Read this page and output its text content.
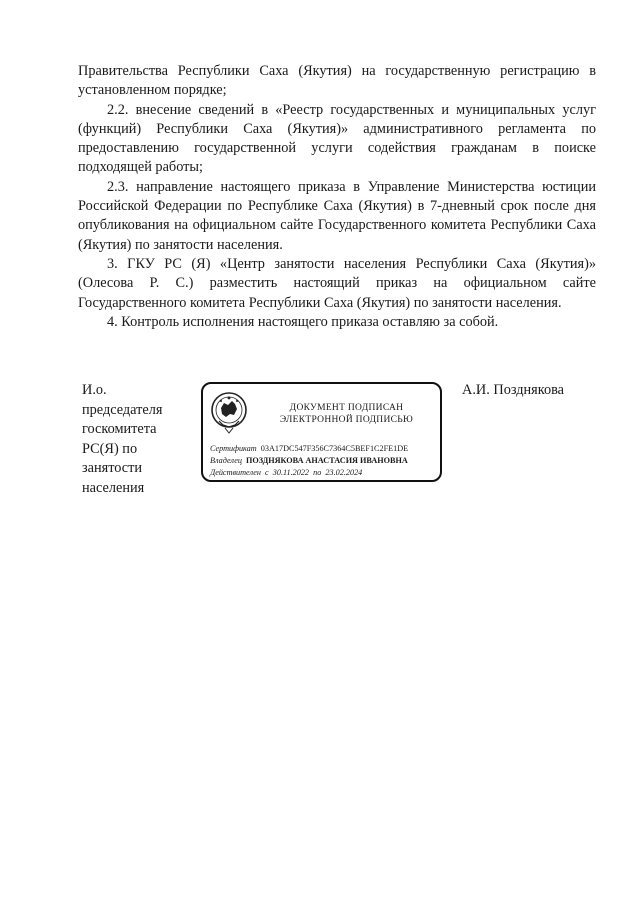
Правительства Республики Саха (Якутия) на государственную регистрацию в установленном порядке;

2.2. внесение сведений в «Реестр государственных и муниципальных услуг (функций) Республики Саха (Якутия)» административного регламента по предоставлению государственной услуги содействия гражданам в поиске подходящей работы;

2.3. направление настоящего приказа в Управление Министерства юстиции Российской Федерации по Республике Саха (Якутия) в 7-дневный срок после дня опубликования на официальном сайте Государственного комитета Республики Саха (Якутия) по занятости населения.

3. ГКУ РС (Я) «Центр занятости населения Республики Саха (Якутия)» (Олесова Р. С.) разместить настоящий приказ на официальном сайте Государственного комитета Республики Саха (Якутия) по занятости населения.

4. Контроль исполнения настоящего приказа оставляю за собой.

И.о.
председателя
госкомитета
РС(Я) по
занятости
населения
ДОКУМЕНТ ПОДПИСАН
ЭЛЕКТРОННОЙ ПОДПИСЬЮ
Сертификат 03A17DC547F356C7364C5BEF1C2FE1DE
Владелец ПОЗДНЯКОВА АНАСТАСИЯ ИВАНОВНА
Действителен с 30.11.2022 по 23.02.2024
А.И. Позднякова
